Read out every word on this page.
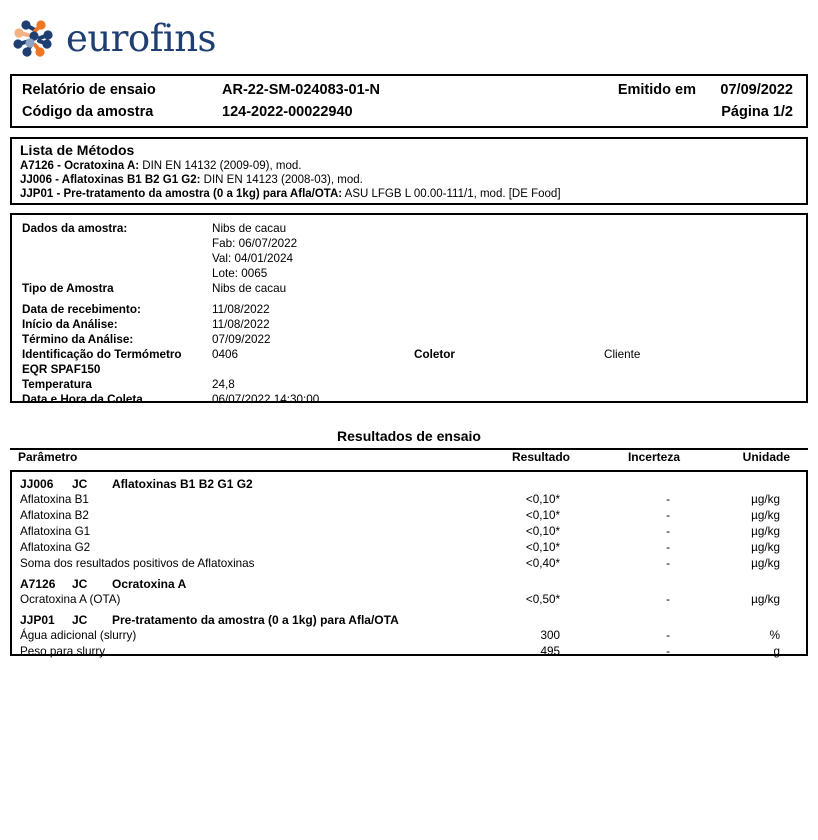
eurofins
Relatório de ensaio	AR-22-SM-024083-01-N	Emitido em 07/09/2022
Código da amostra	124-2022-00022940	Página 1/2
Lista de Métodos
A7126 - Ocratoxina A: DIN EN 14132 (2009-09), mod.
JJ006 - Aflatoxinas B1 B2 G1 G2: DIN EN 14123 (2008-03), mod.
JJP01 - Pre-tratamento da amostra (0 a 1kg) para Afla/OTA: ASU LFGB L 00.00-111/1, mod. [DE Food]
Dados da amostra:	Nibs de cacau
Fab: 06/07/2022
Val: 04/01/2024
Lote: 0065
Tipo de Amostra	Nibs de cacau
Data de recebimento:	11/08/2022
Início da Análise:	11/08/2022
Término da Análise:	07/09/2022
Identificação do Termómetro	0406	Coletor	Cliente
EQR SPAF150
Temperatura	24,8
Data e Hora da Coleta	06/07/2022 14:30:00
Resultados de ensaio
Parâmetro	Resultado	Incerteza	Unidade
JJ006 JC Aflatoxinas B1 B2 G1 G2
Aflatoxina B1	<0,10*	-	µg/kg
Aflatoxina B2	<0,10*	-	µg/kg
Aflatoxina G1	<0,10*	-	µg/kg
Aflatoxina G2	<0,10*	-	µg/kg
Soma dos resultados positivos de Aflatoxinas	<0,40*	-	µg/kg
A7126 JC Ocratoxina A
Ocratoxina A (OTA)	<0,50*	-	µg/kg
JJP01 JC Pre-tratamento da amostra (0 a 1kg) para Afla/OTA
Água adicional (slurry)	300	-	%
Peso para slurry	495	-	g
